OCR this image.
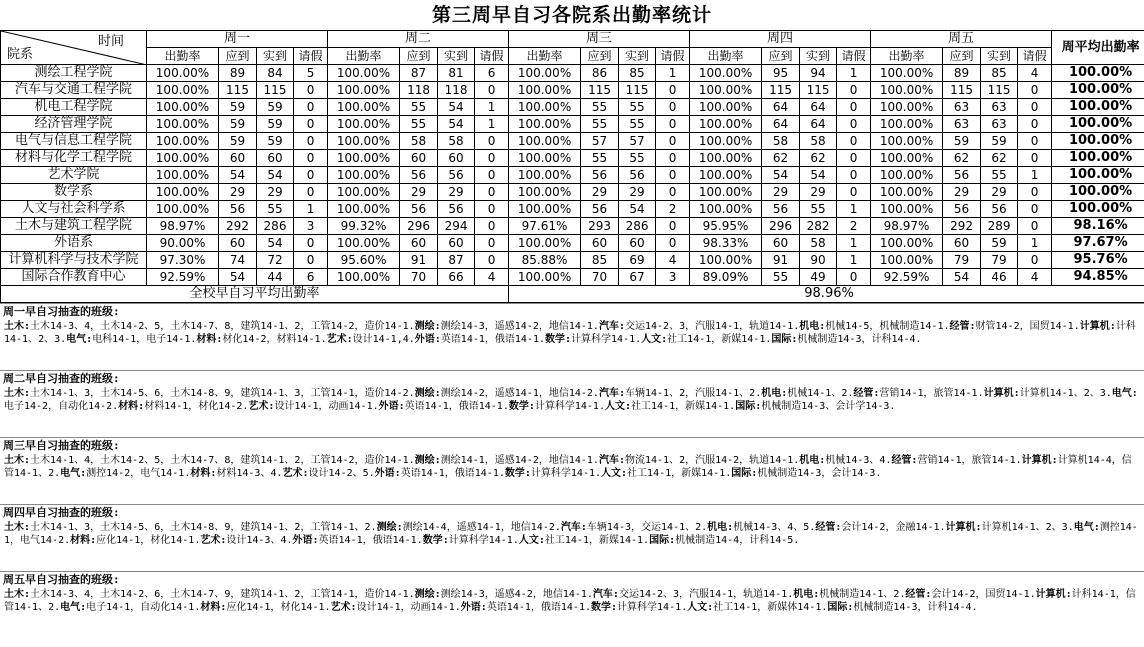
第三周早自习各院系出勤率统计
院系
时间	周一				周二				周三				周四				周五				周平均出勤率
	出勤率	应到	实到	请假	出勤率	应到	实到	请假	出勤率	应到	实到	请假	出勤率	应到	实到	请假	出勤率	应到	实到	请假	
测绘工程学院	100.00%	89	84	5	100.00%	87	81	6	100.00%	86	85	1	100.00%	95	94	1	100.00%	89	85	4	100.00%
汽车与交通工程学院	100.00%	115	115	0	100.00%	118	118	0	100.00%	115	115	0	100.00%	115	115	0	100.00%	115	115	0	100.00%
机电工程学院	100.00%	59	59	0	100.00%	55	54	1	100.00%	55	55	0	100.00%	64	64	0	100.00%	63	63	0	100.00%
经济管理学院	100.00%	59	59	0	100.00%	55	54	1	100.00%	55	55	0	100.00%	64	64	0	100.00%	63	63	0	100.00%
电气与信息工程学院	100.00%	59	59	0	100.00%	58	58	0	100.00%	57	57	0	100.00%	58	58	0	100.00%	59	59	0	100.00%
材料与化学工程学院	100.00%	60	60	0	100.00%	60	60	0	100.00%	55	55	0	100.00%	62	62	0	100.00%	62	62	0	100.00%
艺术学院	100.00%	54	54	0	100.00%	56	56	0	100.00%	56	56	0	100.00%	54	54	0	100.00%	56	55	1	100.00%
数学系	100.00%	29	29	0	100.00%	29	29	0	100.00%	29	29	0	100.00%	29	29	0	100.00%	29	29	0	100.00%
人文与社会科学系	100.00%	56	55	1	100.00%	56	56	0	100.00%	56	54	2	100.00%	56	55	1	100.00%	56	56	0	100.00%
土木与建筑工程学院	98.97%	292	286	3	99.32%	296	294	0	97.61%	293	286	0	95.95%	296	282	2	98.97%	292	289	0	98.16%
外语系	90.00%	60	54	0	100.00%	60	60	0	100.00%	60	60	0	98.33%	60	58	1	100.00%	60	59	1	97.67%
计算机科学与技术学院	97.30%	74	72	0	95.60%	91	87	0	85.88%	85	69	4	100.00%	91	90	1	100.00%	79	79	0	95.76%
国际合作教育中心	92.59%	54	44	6	100.00%	70	66	4	100.00%	70	67	3	89.09%	55	49	0	92.59%	54	46	4	94.85%
全校早自习平均出勤率									98.96%												
周一早自习抽查的班级:
土木:土木14-3、4，土木14-2、5，土木14-7、8，建筑14-1、2，工管14-2，造价14-1.测绘:测绘14-3，遥感14-2，地信14-1.汽车:交运14-2、3，汽服14-1，轨道14-1.机电:机械14-5，机械制造14-1.经管:财管14-2，国贸14-1.计算机:计科14-1、2、3.电气:电科14-1，电子14-1.材料:材化14-2，材料14-1.艺术:设计14-1,4.外语:英语14-1，俄语14-1.数学:计算科学14-1.人文:社工14-1，新媒14-1.国际:机械制造14-3，计科14-4.
周二早自习抽查的班级:
土木:土木14-1、3，土木14-5、6，土木14-8、9，建筑14-1、3，工管14-1，造价14-2.测绘:测绘14-2，遥感14-1，地信14-2.汽车:车辆14-1、2，汽服14-1、2.机电:机械14-1、2.经管:营销14-1，旅管14-1.计算机:计算机14-1、2、3.电气:电子14-2，自动化14-2.材料:材料14-1，材化14-2.艺术:设计14-1，动画14-1.外语:英语14-1，俄语14-1.数学:计算科学14-1.人文:社工14-1，新媒14-1.国际:机械制造14-3、会计学14-3.
周三早自习抽查的班级:
土木:土木14-1、4，土木14-2、5，土木14-7、8，建筑14-1、2，工管14-2，造价14-1.测绘:测绘14-1，遥感14-2，地信14-1.汽车:物流14-1、2，汽服14-2，轨道14-1.机电:机械14-3、4.经管:营销14-1，旅管14-1.计算机:计算机14-4，信管14-1、2.电气:测控14-2，电气14-1.材料:材料14-3、4.艺术:设计14-2、5.外语:英语14-1，俄语14-1.数学:计算科学14-1.人文:社工14-1，新媒14-1.国际:机械制造14-3，会计14-3.
周四早自习抽查的班级:
土木:土木14-1、3，土木14-5、6，土木14-8、9，建筑14-1、2，工管14-1、2.测绘:测绘14-4，遥感14-1，地信14-2.汽车:车辆14-3，交运14-1、2.机电:机械14-3、4、5.经管:会计14-2，金融14-1.计算机:计算机14-1、2、3.电气:测控14-1，电气14-2.材料:应化14-1，材化14-1.艺术:设计14-3、4.外语:英语14-1，俄语14-1.数学:计算科学14-1.人文:社工14-1，新媒14-1.国际:机械制造14-4，计科14-5.
周五早自习抽查的班级:
土木:土木14-3、4，土木14-2、6，土木14-7、9，建筑14-1、2，工管14-1，造价14-1.测绘:测绘14-3，遥感4-2，地信14-1.汽车:交运14-2、3，汽服14-1，轨道14-1.机电:机械制造14-1、2.经管:会计14-2，国贸14-1.计算机:计科14-1，信管14-1、2.电气:电子14-1，自动化14-1.材料:应化14-1，材化14-1.艺术:设计14-1，动画14-1.外语:英语14-1，俄语14-1.数学:计算科学14-1.人文:社工14-1，新媒体14-1.国际:机械制造14-3，计科14-4.
